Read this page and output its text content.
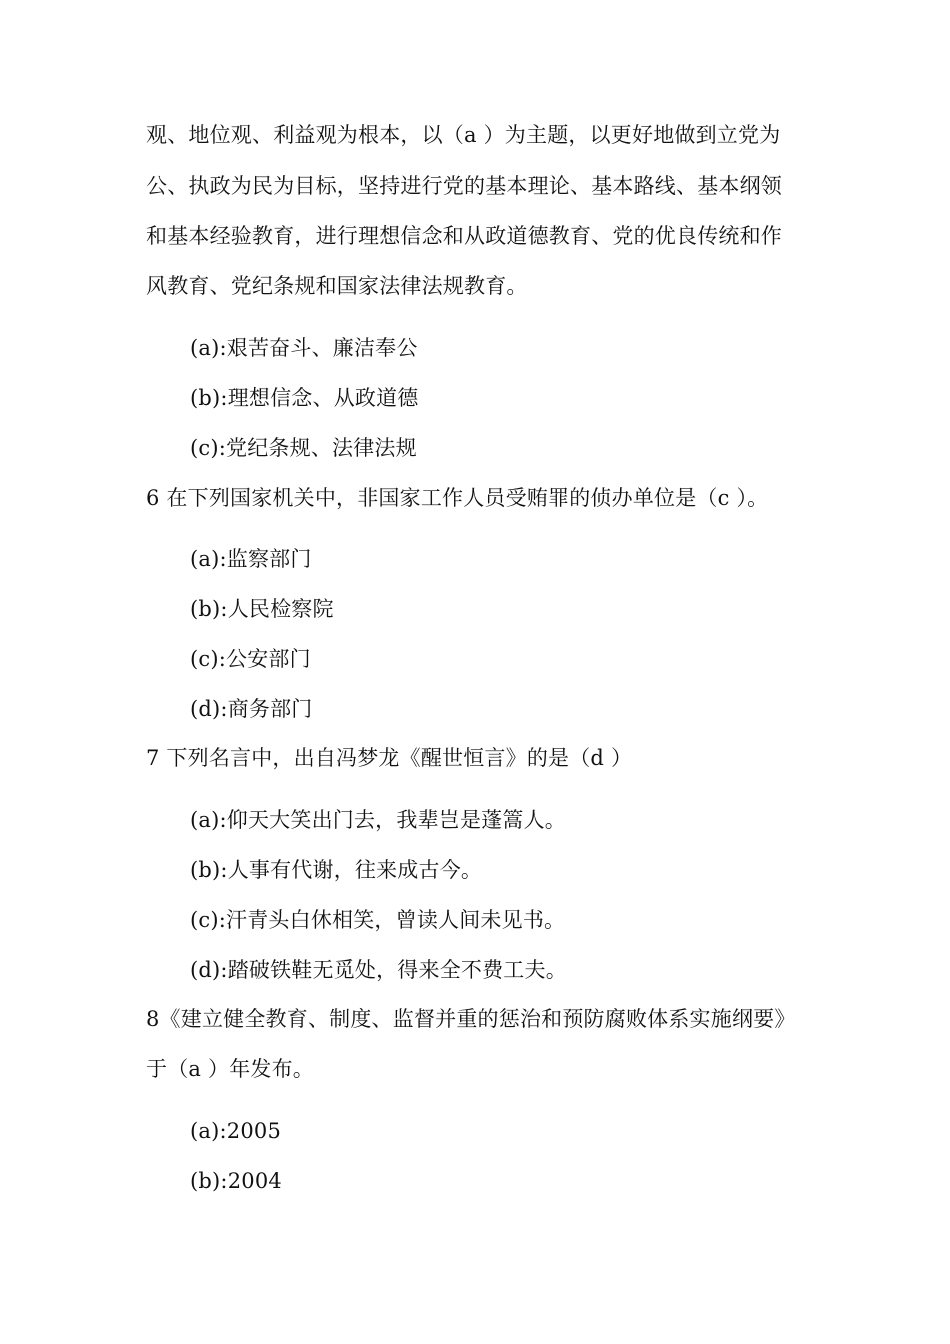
观、地位观、利益观为根本，以（a ）为主题，以更好地做到立党为
公、执政为民为目标，坚持进行党的基本理论、基本路线、基本纲领
和基本经验教育，进行理想信念和从政道德教育、党的优良传统和作
风教育、党纪条规和国家法律法规教育。
(a):艰苦奋斗、廉洁奉公
(b):理想信念、从政道德
(c):党纪条规、法律法规
6 在下列国家机关中，非国家工作人员受贿罪的侦办单位是（c ）。
(a):监察部门
(b):人民检察院
(c):公安部门
(d):商务部门
7 下列名言中，出自冯梦龙《醒世恒言》的是（d ）
(a):仰天大笑出门去，我辈岂是蓬篙人。
(b):人事有代谢，往来成古今。
(c):汗青头白休相笑，曾读人间未见书。
(d):踏破铁鞋无觅处，得来全不费工夫。
8《建立健全教育、制度、监督并重的惩治和预防腐败体系实施纲要》
于（a ）年发布。
(a):2005
(b):2004
